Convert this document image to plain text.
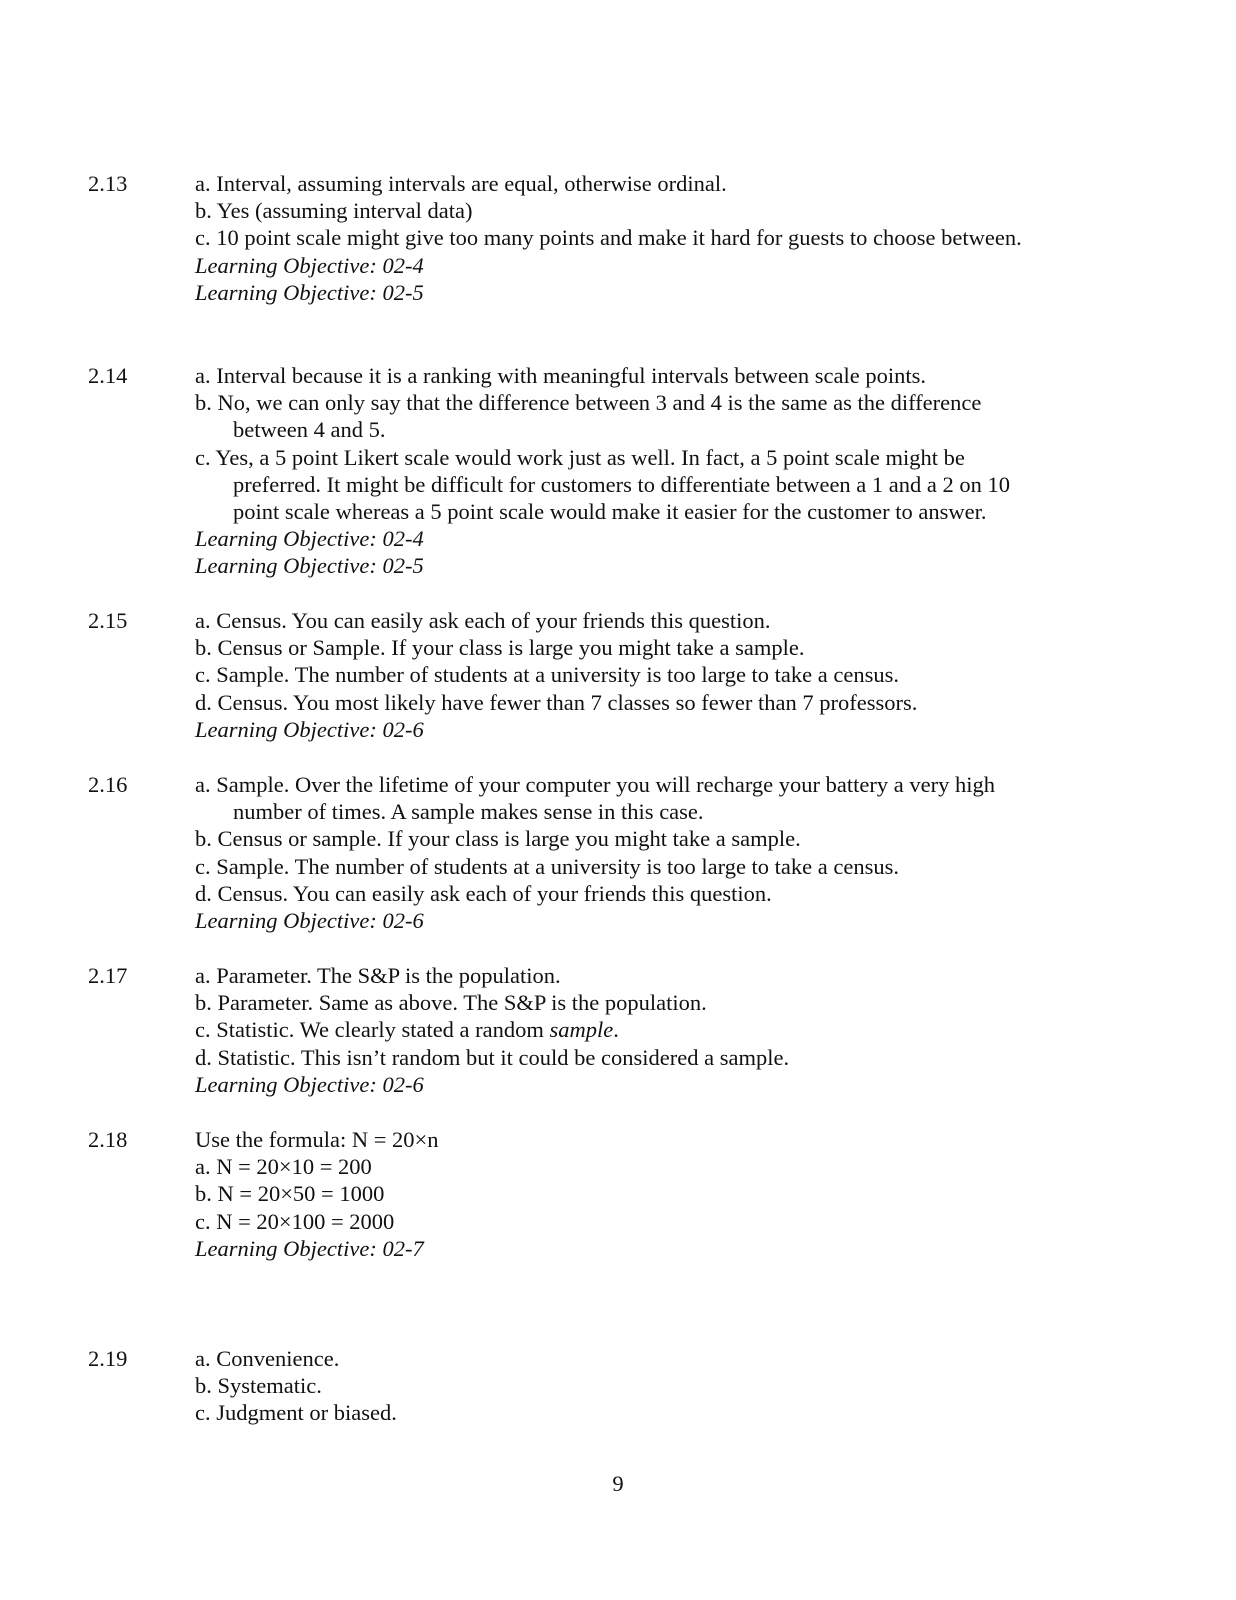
2.13	a. Interval, assuming intervals are equal, otherwise ordinal.
b. Yes (assuming interval data)
c. 10 point scale might give too many points and make it hard for guests to choose between.
Learning Objective: 02-4
Learning Objective: 02-5
2.14	a. Interval because it is a ranking with meaningful intervals between scale points.
b. No, we can only say that the difference between 3 and 4 is the same as the difference
between 4 and 5.
c. Yes, a 5 point Likert scale would work just as well. In fact, a 5 point scale might be
preferred. It might be difficult for customers to differentiate between a 1 and a 2 on 10
point scale whereas a 5 point scale would make it easier for the customer to answer.
Learning Objective: 02-4
Learning Objective: 02-5
2.15	a. Census. You can easily ask each of your friends this question.
b. Census or Sample. If your class is large you might take a sample.
c. Sample. The number of students at a university is too large to take a census.
d. Census. You most likely have fewer than 7 classes so fewer than 7 professors.
Learning Objective: 02-6
2.16	a. Sample. Over the lifetime of your computer you will recharge your battery a very high
number of times. A sample makes sense in this case.
b. Census or sample. If your class is large you might take a sample.
c. Sample. The number of students at a university is too large to take a census.
d. Census. You can easily ask each of your friends this question.
Learning Objective: 02-6
2.17	a. Parameter. The S&P is the population.
b. Parameter. Same as above. The S&P is the population.
c. Statistic. We clearly stated a random sample.
d. Statistic. This isn’t random but it could be considered a sample.
Learning Objective: 02-6
2.18	Use the formula: N = 20×n
a. N = 20×10 = 200
b. N = 20×50 = 1000
c. N = 20×100 = 2000
Learning Objective: 02-7
2.19	a. Convenience.
b. Systematic.
c. Judgment or biased.
9
